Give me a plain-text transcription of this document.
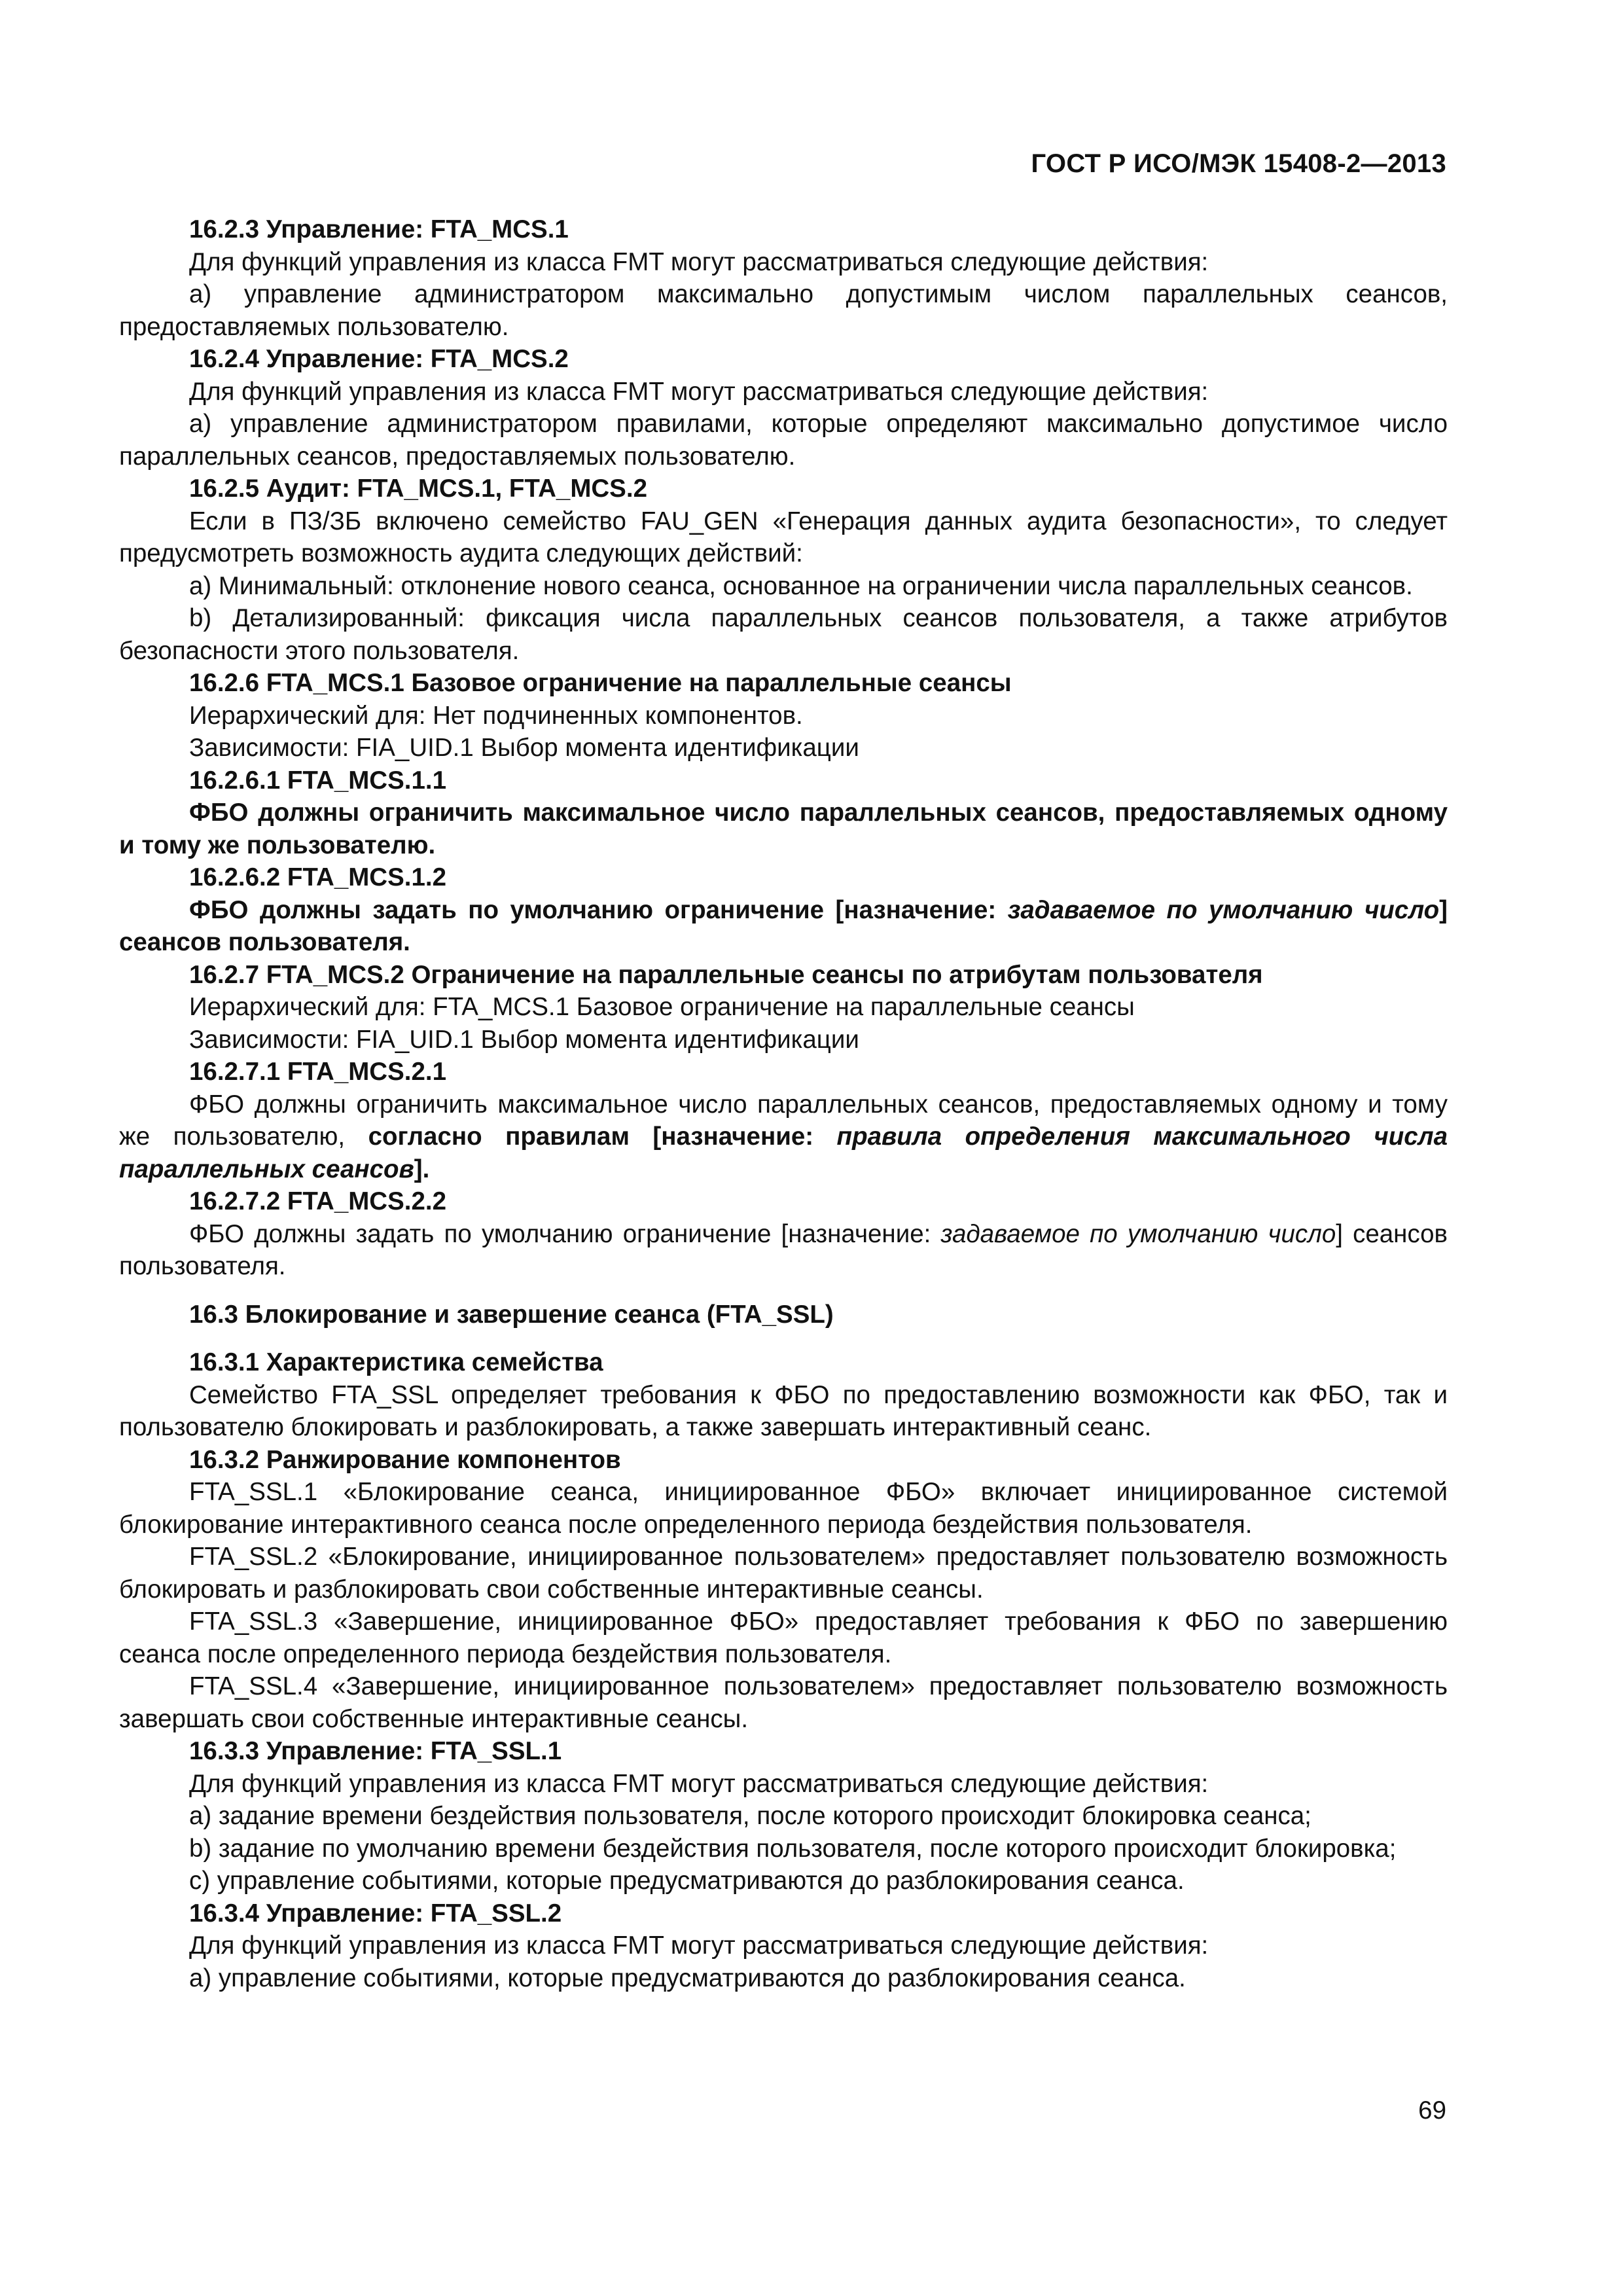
ГОСТ Р ИСО/МЭК 15408-2—2013
16.2.3 Управление: FTA_MCS.1

Для функций управления из класса FMT могут рассматриваться следующие действия:

a) управление администратором максимально допустимым числом параллельных сеансов, предоставляемых пользователю.

16.2.4 Управление: FTA_MCS.2

Для функций управления из класса FMT могут рассматриваться следующие действия:

a) управление администратором правилами, которые определяют максимально допустимое число параллельных сеансов, предоставляемых пользователю.

16.2.5 Аудит: FTA_MCS.1, FTA_MCS.2

Если в ПЗ/ЗБ включено семейство FAU_GEN «Генерация данных аудита безопасности», то следует предусмотреть возможность аудита следующих действий:

a) Минимальный: отклонение нового сеанса, основанное на ограничении числа параллельных сеансов.

b) Детализированный: фиксация числа параллельных сеансов пользователя, а также атрибутов безопасности этого пользователя.

16.2.6 FTA_MCS.1 Базовое ограничение на параллельные сеансы

Иерархический для: Нет подчиненных компонентов.

Зависимости: FIA_UID.1 Выбор момента идентификации

16.2.6.1 FTA_MCS.1.1

ФБО должны ограничить максимальное число параллельных сеансов, предоставляемых одному и тому же пользователю.

16.2.6.2 FTA_MCS.1.2

ФБО должны задать по умолчанию ограничение [назначение: задаваемое по умолчанию число] сеансов пользователя.

16.2.7 FTA_MCS.2 Ограничение на параллельные сеансы по атрибутам пользователя

Иерархический для: FTA_MCS.1 Базовое ограничение на параллельные сеансы

Зависимости: FIA_UID.1 Выбор момента идентификации

16.2.7.1 FTA_MCS.2.1

ФБО должны ограничить максимальное число параллельных сеансов, предоставляемых одному и тому же пользователю, согласно правилам [назначение: правила определения максимального числа параллельных сеансов].

16.2.7.2 FTA_MCS.2.2

ФБО должны задать по умолчанию ограничение [назначение: задаваемое по умолчанию число] сеансов пользователя.

16.3 Блокирование и завершение сеанса (FTA_SSL)
16.3.1 Характеристика семейства

Семейство FTA_SSL определяет требования к ФБО по предоставлению возможности как ФБО, так и пользователю блокировать и разблокировать, а также завершать интерактивный сеанс.

16.3.2 Ранжирование компонентов

FTA_SSL.1 «Блокирование сеанса, инициированное ФБО» включает инициированное системой блокирование интерактивного сеанса после определенного периода бездействия пользователя.

FTA_SSL.2 «Блокирование, инициированное пользователем» предоставляет пользователю возможность блокировать и разблокировать свои собственные интерактивные сеансы.

FTA_SSL.3 «Завершение, инициированное ФБО» предоставляет требования к ФБО по завершению сеанса после определенного периода бездействия пользователя.

FTA_SSL.4 «Завершение, инициированное пользователем» предоставляет пользователю возможность завершать свои собственные интерактивные сеансы.

16.3.3 Управление: FTA_SSL.1

Для функций управления из класса FMT могут рассматриваться следующие действия:

a) задание времени бездействия пользователя, после которого происходит блокировка сеанса;

b) задание по умолчанию времени бездействия пользователя, после которого происходит блокировка;

c) управление событиями, которые предусматриваются до разблокирования сеанса.

16.3.4 Управление: FTA_SSL.2

Для функций управления из класса FMT могут рассматриваться следующие действия:

a) управление событиями, которые предусматриваются до разблокирования сеанса.

69
